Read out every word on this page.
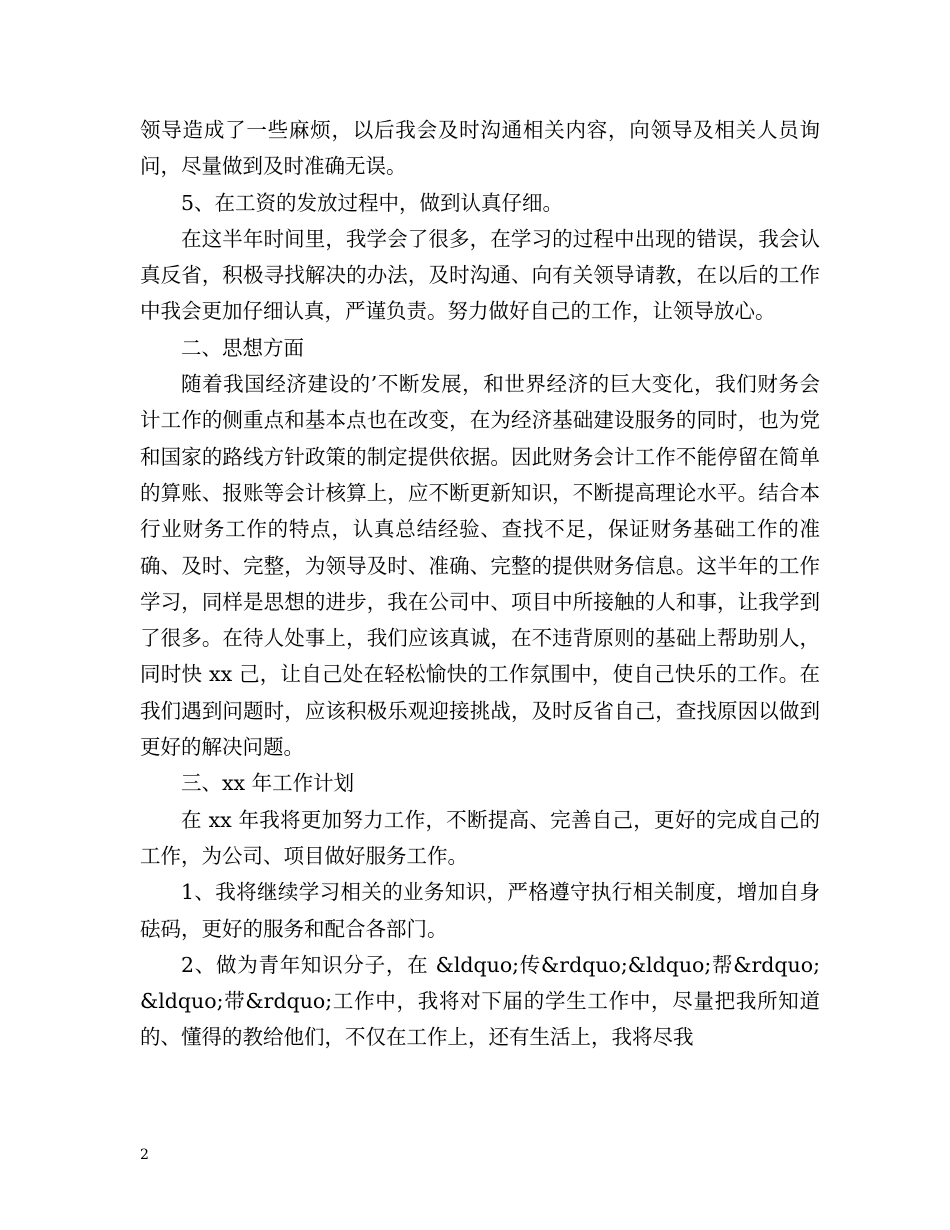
领导造成了一些麻烦，以后我会及时沟通相关内容，向领导及相关人员询问，尽量做到及时准确无误。

5、在工资的发放过程中，做到认真仔细。

在这半年时间里，我学会了很多，在学习的过程中出现的错误，我会认真反省，积极寻找解决的办法，及时沟通、向有关领导请教，在以后的工作中我会更加仔细认真，严谨负责。努力做好自己的工作，让领导放心。

二、思想方面

随着我国经济建设的’不断发展，和世界经济的巨大变化，我们财务会计工作的侧重点和基本点也在改变，在为经济基础建设服务的同时，也为党和国家的路线方针政策的制定提供依据。因此财务会计工作不能停留在简单的算账、报账等会计核算上，应不断更新知识，不断提高理论水平。结合本行业财务工作的特点，认真总结经验、查找不足，保证财务基础工作的准确、及时、完整，为领导及时、准确、完整的提供财务信息。这半年的工作学习，同样是思想的进步，我在公司中、项目中所接触的人和事，让我学到了很多。在待人处事上，我们应该真诚，在不违背原则的基础上帮助别人，同时快 xx 己，让自己处在轻松愉快的工作氛围中，使自己快乐的工作。在我们遇到问题时，应该积极乐观迎接挑战，及时反省自己，查找原因以做到更好的解决问题。

三、xx 年工作计划

在 xx 年我将更加努力工作，不断提高、完善自己，更好的完成自己的工作，为公司、项目做好服务工作。

1、我将继续学习相关的业务知识，严格遵守执行相关制度，增加自身砝码，更好的服务和配合各部门。

2、做为青年知识分子，在 &ldquo;传&rdquo;&ldquo;帮&rdquo;&ldquo;带&rdquo;工作中，我将对下届的学生工作中，尽量把我所知道的、懂得的教给他们，不仅在工作上，还有生活上，我将尽我

2
